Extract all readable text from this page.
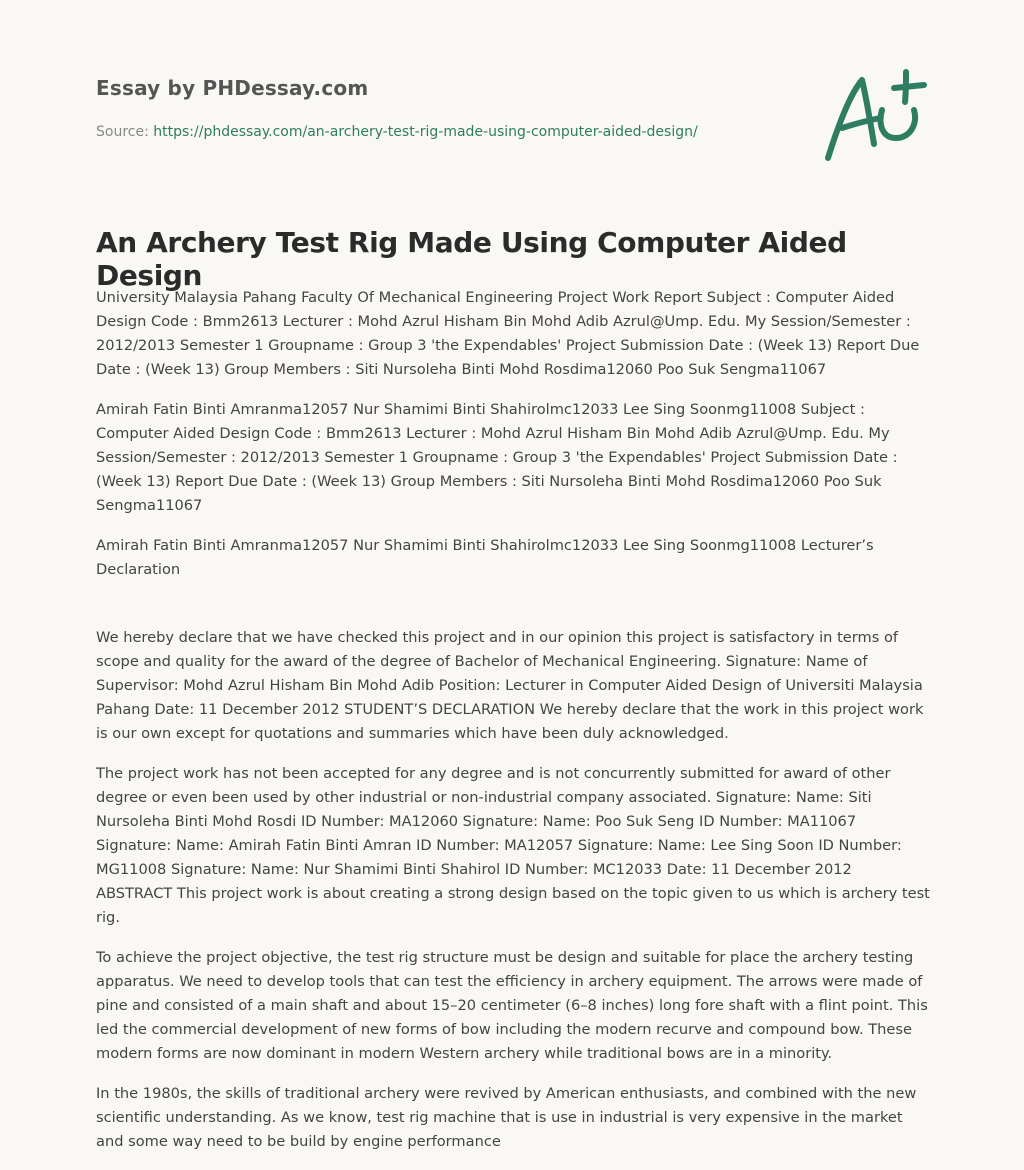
Essay by PHDessay.com
Source: https://phdessay.com/an-archery-test-rig-made-using-computer-aided-design/
An Archery Test Rig Made Using Computer Aided Design

University Malaysia Pahang Faculty Of Mechanical Engineering Project Work Report Subject : Computer Aided Design Code : Bmm2613 Lecturer : Mohd Azrul Hisham Bin Mohd Adib Azrul@Ump. Edu. My Session/Semester : 2012/2013 Semester 1 Groupname : Group 3 'the Expendables' Project Submission Date : (Week 13) Report Due Date : (Week 13) Group Members : Siti Nursoleha Binti Mohd Rosdima12060 Poo Suk Sengma11067

Amirah Fatin Binti Amranma12057 Nur Shamimi Binti Shahirolmc12033 Lee Sing Soonmg11008 Subject : Computer Aided Design Code : Bmm2613 Lecturer : Mohd Azrul Hisham Bin Mohd Adib Azrul@Ump. Edu. My Session/Semester : 2012/2013 Semester 1 Groupname : Group 3 'the Expendables' Project Submission Date : (Week 13) Report Due Date : (Week 13) Group Members : Siti Nursoleha Binti Mohd Rosdima12060 Poo Suk Sengma11067

Amirah Fatin Binti Amranma12057 Nur Shamimi Binti Shahirolmc12033 Lee Sing Soonmg11008 Lecturer’s Declaration

We hereby declare that we have checked this project and in our opinion this project is satisfactory in terms of scope and quality for the award of the degree of Bachelor of Mechanical Engineering. Signature: Name of Supervisor: Mohd Azrul Hisham Bin Mohd Adib Position: Lecturer in Computer Aided Design of Universiti Malaysia Pahang Date: 11 December 2012 STUDENT’S DECLARATION We hereby declare that the work in this project work is our own except for quotations and summaries which have been duly acknowledged.

The project work has not been accepted for any degree and is not concurrently submitted for award of other degree or even been used by other industrial or non-industrial company associated. Signature: Name: Siti Nursoleha Binti Mohd Rosdi ID Number: MA12060 Signature: Name: Poo Suk Seng ID Number: MA11067 Signature: Name: Amirah Fatin Binti Amran ID Number: MA12057 Signature: Name: Lee Sing Soon ID Number: MG11008 Signature: Name: Nur Shamimi Binti Shahirol ID Number: MC12033 Date: 11 December 2012 ABSTRACT This project work is about creating a strong design based on the topic given to us which is archery test rig.

To achieve the project objective, the test rig structure must be design and suitable for place the archery testing apparatus. We need to develop tools that can test the efficiency in archery equipment. The arrows were made of pine and consisted of a main shaft and about 15–20 centimeter (6–8 inches) long fore shaft with a flint point. This led the commercial development of new forms of bow including the modern recurve and compound bow. These modern forms are now dominant in modern Western archery while traditional bows are in a minority.

In the 1980s, the skills of traditional archery were revived by American enthusiasts, and combined with the new scientific understanding. As we know, test rig machine that is use in industrial is very expensive in the market and some way need to be build by engine performance
